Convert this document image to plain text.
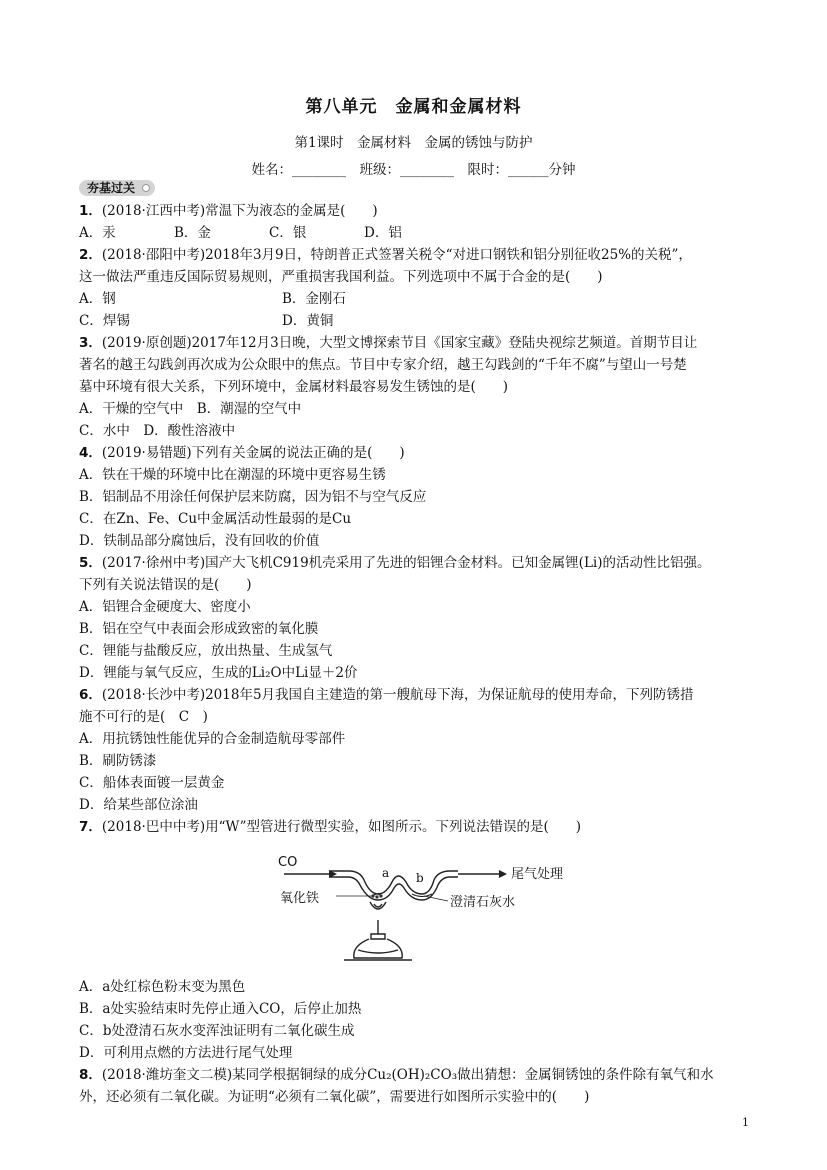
第八单元　金属和金属材料
第1课时　金属材料　金属的锈蚀与防护
姓名：________　班级：________　限时：______分钟
夯基过关
1．(2018·江西中考)常温下为液态的金属是(　　)
A．汞	B．金	C．银	D．铝
2．(2018·邵阳中考)2018年3月9日，特朗普正式签署关税令“对进口钢铁和铝分别征收25%的关税”，
这一做法严重违反国际贸易规则，严重损害我国利益。下列选项中不属于合金的是(　　)
A．钢	B．金刚石
C．焊锡	D．黄铜
3．(2019·原创题)2017年12月3日晚，大型文博探索节目《国家宝藏》登陆央视综艺频道。首期节目让
著名的越王勾践剑再次成为公众眼中的焦点。节目中专家介绍，越王勾践剑的“千年不腐”与望山一号楚
墓中环境有很大关系，下列环境中，金属材料最容易发生锈蚀的是(　　)
A．干燥的空气中　B．潮湿的空气中
C．水中　D．酸性溶液中
4．(2019·易错题)下列有关金属的说法正确的是(　　)
A．铁在干燥的环境中比在潮湿的环境中更容易生锈
B．铝制品不用涂任何保护层来防腐，因为铝不与空气反应
C．在Zn、Fe、Cu中金属活动性最弱的是Cu
D．铁制品部分腐蚀后，没有回收的价值
5．(2017·徐州中考)国产大飞机C919机壳采用了先进的铝锂合金材料。已知金属锂(Li)的活动性比铝强。
下列有关说法错误的是(　　)
A．铝锂合金硬度大、密度小
B．铝在空气中表面会形成致密的氧化膜
C．锂能与盐酸反应，放出热量、生成氢气
D．锂能与氧气反应，生成的Li₂O中Li显＋2价
6．(2018·长沙中考)2018年5月我国自主建造的第一艘航母下海，为保证航母的使用寿命，下列防锈措
施不可行的是(　C　)
A．用抗锈蚀性能优异的合金制造航母零部件
B．刷防锈漆
C．船体表面镀一层黄金
D．给某些部位涂油
7．(2018·巴中中考)用“W”型管进行微型实验，如图所示。下列说法错误的是(　　)
CO
a b	尾气处理
氧化铁	澄清石灰水
A．a处红棕色粉末变为黑色
B．a处实验结束时先停止通入CO，后停止加热
C．b处澄清石灰水变浑浊证明有二氧化碳生成
D．可利用点燃的方法进行尾气处理
8．(2018·潍坊奎文二模)某同学根据铜绿的成分Cu₂(OH)₂CO₃做出猜想：金属铜锈蚀的条件除有氧气和水
外，还必须有二氧化碳。为证明“必须有二氧化碳”，需要进行如图所示实验中的(　　)
1
